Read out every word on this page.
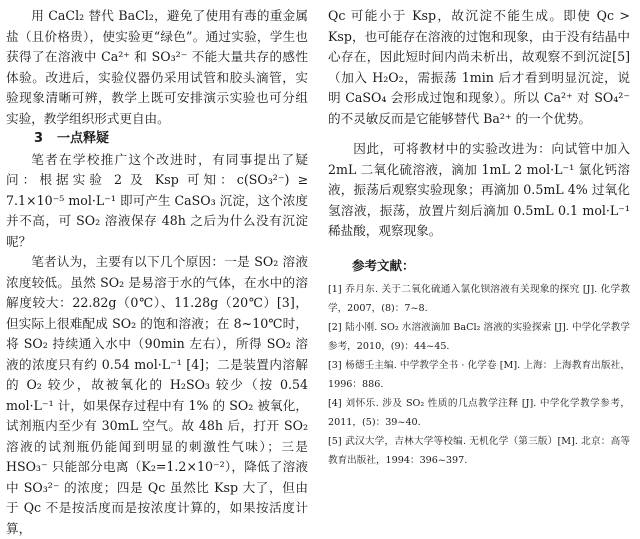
用 CaCl₂ 替代 BaCl₂，避免了使用有毒的重金属盐（且价格贵），使实验更“绿色”。通过实验，学生也获得了在溶液中 Ca²⁺ 和 SO₃²⁻ 不能大量共存的感性体验。改进后，实验仪器仍采用试管和胶头滴管，实验现象清晰可辨，教学上既可安排演示实验也可分组实验，教学组织形式更自由。

3 一点释疑

笔者在学校推广这个改进时，有同事提出了疑问：根据实验 2 及 Ksp 可知：c(SO₃²⁻) ≥ 7.1×10⁻⁵ mol·L⁻¹ 即可产生 CaSO₃ 沉淀，这个浓度并不高，可 SO₂ 溶液保存 48h 之后为什么没有沉淀呢？

笔者认为，主要有以下几个原因：一是 SO₂ 溶液浓度较低。虽然 SO₂ 是易溶于水的气体，在水中的溶解度较大：22.82g（0℃）、11.28g（20℃）[3]，但实际上很难配成 SO₂ 的饱和溶液；在 8~10℃时，将 SO₂ 持续通入水中（90min 左右），所得 SO₂ 溶液的浓度只有约 0.54 mol·L⁻¹ [4]；二是装置内溶解的 O₂ 较少，故被氧化的 H₂SO₃ 较少（按 0.54 mol·L⁻¹ 计，如果保存过程中有 1% 的 SO₂ 被氧化，试剂瓶内至少有 30mL 空气。故 48h 后，打开 SO₂ 溶液的试剂瓶仍能闻到明显的刺激性气味）；三是 HSO₃⁻ 只能部分电离（K₂=1.2×10⁻²），降低了溶液中 SO₃²⁻ 的浓度；四是 Qc 虽然比 Ksp 大了，但由于 Qc 不是按活度而是按浓度计算的，如果按活度计算，

Qc 可能小于 Ksp，故沉淀不能生成。即使 Qc > Ksp，也可能存在溶液的过饱和现象，由于没有结晶中心存在，因此短时间内尚未析出，故观察不到沉淀[5]（加入 H₂O₂，需振荡 1min 后才看到明显沉淀，说明 CaSO₄ 会形成过饱和现象）。所以 Ca²⁺ 对 SO₄²⁻ 的不灵敏反而是它能够替代 Ba²⁺ 的一个优势。

因此，可将教材中的实验改进为：向试管中加入 2mL 二氧化硫溶液，滴加 1mL 2 mol·L⁻¹ 氯化钙溶液，振荡后观察实验现象；再滴加 0.5mL 4% 过氧化氢溶液，振荡，放置片刻后滴加 0.5mL 0.1 mol·L⁻¹ 稀盐酸，观察现象。

参考文献：
[1] 乔月东. 关于二氧化硫通入氯化钡溶液有关现象的探究 [J]. 化学教学，2007，(8)：7~8.
[2] 陆小刚. SO₂ 水溶液滴加 BaCl₂ 溶液的实验探索 [J]. 中学化学教学参考，2010，(9)：44~45.
[3] 杨德壬主编. 中学教学全书 · 化学卷 [M]. 上海：上海教育出版社，1996：886.
[4] 刘怀乐. 涉及 SO₂ 性质的几点教学注释 [J]. 中学化学教学参考，2011，(5)：39~40.
[5] 武汉大学，吉林大学等校编. 无机化学（第三版）[M]. 北京：高等教育出版社，1994：396~397.
